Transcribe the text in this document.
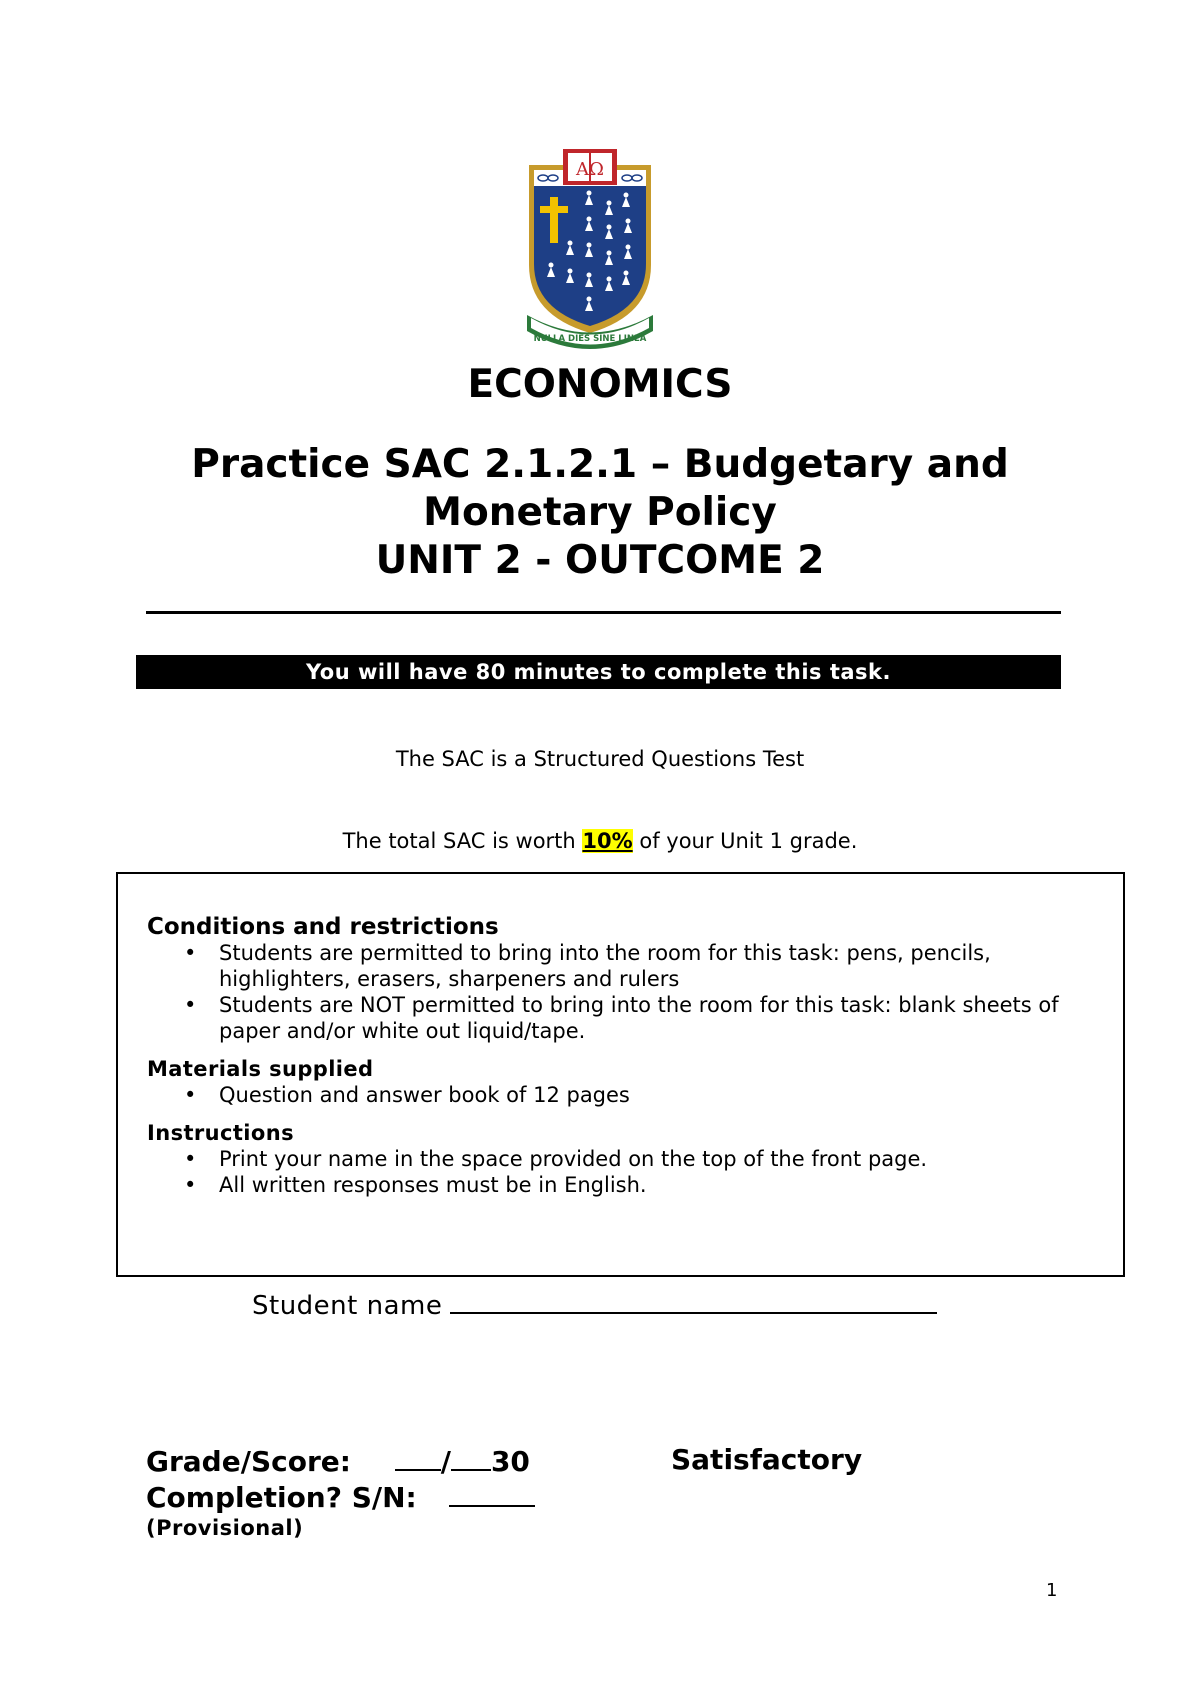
AΩ
NULLA DIES SINE LINEA
ECONOMICS
Practice SAC 2.1.2.1 – Budgetary and
Monetary Policy
UNIT 2 - OUTCOME 2
You will have 80 minutes to complete this task.

The SAC is a Structured Questions Test

The total SAC is worth 10% of your Unit 1 grade.

Conditions and restrictions
• Students are permitted to bring into the room for this task: pens, pencils, highlighters, erasers, sharpeners and rulers
• Students are NOT permitted to bring into the room for this task: blank sheets of paper and/or white out liquid/tape.
Materials supplied
• Question and answer book of 12 pages
Instructions
• Print your name in the space provided on the top of the front page.
• All written responses must be in English.
Student name
Grade/Score:	/ 30
Completion? S/N:
(Provisional)
Satisfactory
1
